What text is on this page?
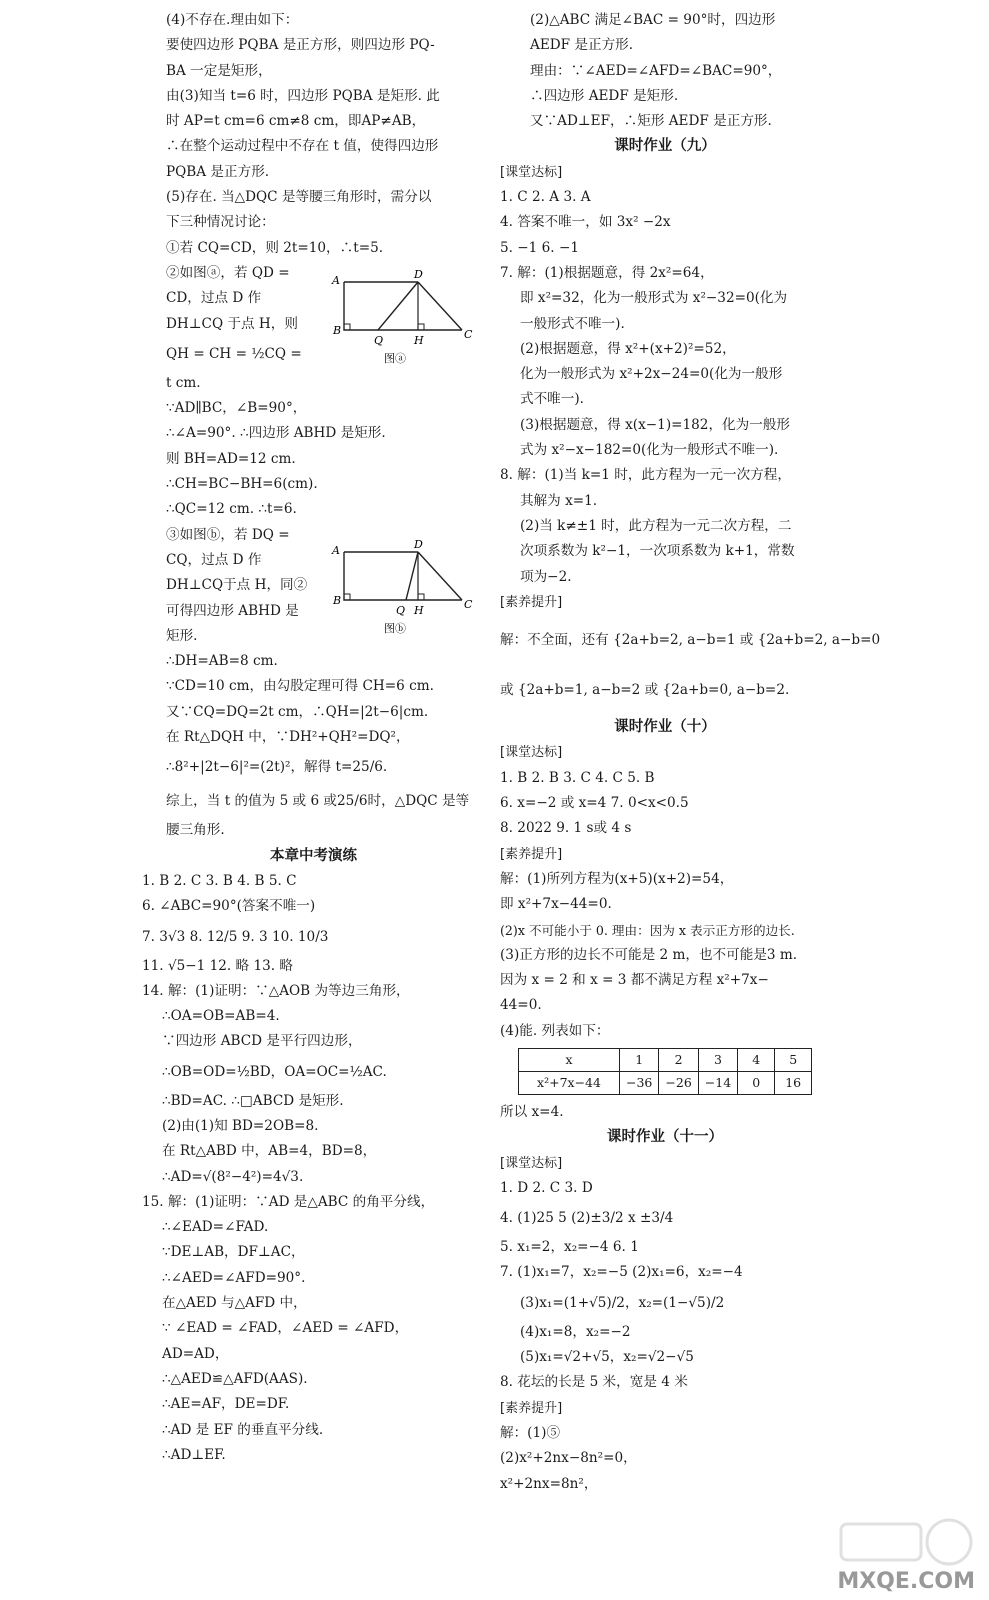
(4)不存在.理由如下：
要使四边形 PQBA 是正方形，则四边形 PQ-
BA 一定是矩形，
由(3)知当 t=6 时，四边形 PQBA 是矩形. 此
时 AP=t cm=6 cm≠8 cm，即AP≠AB，
∴在整个运动过程中不存在 t 值，使得四边形
PQBA 是正方形.
(5)存在. 当△DQC 是等腰三角形时，需分以
下三种情况讨论：
①若 CQ=CD，则 2t=10，∴t=5.
②如图ⓐ，若 QD =
CD，过点 D 作
DH⊥CQ 于点 H，则
QH = CH = ½CQ =
t cm.
∵AD∥BC，∠B=90°，
∴∠A=90°. ∴四边形 ABHD 是矩形.
则 BH=AD=12 cm.
∴CH=BC−BH=6(cm).
∴QC=12 cm. ∴t=6.
③如图ⓑ，若 DQ =
CQ，过点 D 作
DH⊥CQ于点 H，同②
可得四边形 ABHD 是
矩形.
∴DH=AB=8 cm.
∵CD=10 cm，由勾股定理可得 CH=6 cm.
又∵CQ=DQ=2t cm，∴QH=|2t−6|cm.
在 Rt△DQH 中，∵DH²+QH²=DQ²，
∴8²+|2t−6|²=(2t)²，解得 t=25/6.
综上，当 t 的值为 5 或 6 或25/6时，△DQC 是等
腰三角形.
本章中考演练
1. B 2. C 3. B 4. B 5. C
6. ∠ABC=90°(答案不唯一)
7. 3√3 8. 12/5 9. 3 10. 10/3
11. √5−1 12. 略 13. 略
14. 解：(1)证明：∵△AOB 为等边三角形，
∴OA=OB=AB=4.
∵四边形 ABCD 是平行四边形，
∴OB=OD=½BD，OA=OC=½AC.
∴BD=AC. ∴□ABCD 是矩形.
(2)由(1)知 BD=2OB=8.
在 Rt△ABD 中，AB=4，BD=8，
∴AD=√(8²−4²)=4√3.
15. 解：(1)证明：∵AD 是△ABC 的角平分线，
∴∠EAD=∠FAD.
∵DE⊥AB，DF⊥AC，
∴∠AED=∠AFD=90°.
在△AED 与△AFD 中，
∵ ∠EAD = ∠FAD，∠AED = ∠AFD，
AD=AD，
∴△AED≌△AFD(AAS).
∴AE=AF，DE=DF.
∴AD 是 EF 的垂直平分线.
∴AD⊥EF.
A	D
B
Q	H	C
图ⓐ
A	D
B
Q H	C
图ⓑ
(2)△ABC 满足∠BAC = 90°时，四边形
AEDF 是正方形.
理由：∵∠AED=∠AFD=∠BAC=90°，
∴四边形 AEDF 是矩形.
又∵AD⊥EF，∴矩形 AEDF 是正方形.
课时作业（九）
[课堂达标]
1. C 2. A 3. A
4. 答案不唯一，如 3x² −2x
5. −1 6. −1
7. 解：(1)根据题意，得 2x²=64，
即 x²=32，化为一般形式为 x²−32=0(化为
一般形式不唯一).
(2)根据题意，得 x²+(x+2)²=52，
化为一般形式为 x²+2x−24=0(化为一般形
式不唯一).
(3)根据题意，得 x(x−1)=182，化为一般形
式为 x²−x−182=0(化为一般形式不唯一).
8. 解：(1)当 k=1 时，此方程为一元一次方程，
其解为 x=1.
(2)当 k≠±1 时，此方程为一元二次方程，二
次项系数为 k²−1，一次项系数为 k+1，常数
项为−2.
[素养提升]
解：不全面，还有 {2a+b=2, a−b=1 或 {2a+b=2, a−b=0
或 {2a+b=1, a−b=2 或 {2a+b=0, a−b=2.
课时作业（十）
[课堂达标]
1. B 2. B 3. C 4. C 5. B
6. x=−2 或 x=4 7. 0<x<0.5
8. 2022 9. 1 s或 4 s
[素养提升]
解：(1)所列方程为(x+5)(x+2)=54，
即 x²+7x−44=0.
(2)x 不可能小于 0. 理由：因为 x 表示正方形的边长.
(3)正方形的边长不可能是 2 m，也不可能是3 m.
因为 x = 2 和 x = 3 都不满足方程 x²+7x−
44=0.
(4)能. 列表如下：
x	1	2	3	4	5
x²+7x−44	−36	−26	−14	0	16
所以 x=4.
课时作业（十一）
[课堂达标]
1. D 2. C 3. D
4. (1)25 5 (2)±3/2 x ±3/4
5. x₁=2，x₂=−4 6. 1
7. (1)x₁=7，x₂=−5 (2)x₁=6，x₂=−4
(3)x₁=(1+√5)/2，x₂=(1−√5)/2
(4)x₁=8，x₂=−2
(5)x₁=√2+√5，x₂=√2−√5
8. 花坛的长是 5 米，宽是 4 米
[素养提升]
解：(1)⑤
(2)x²+2nx−8n²=0，
x²+2nx=8n²，
MXQE.COM
